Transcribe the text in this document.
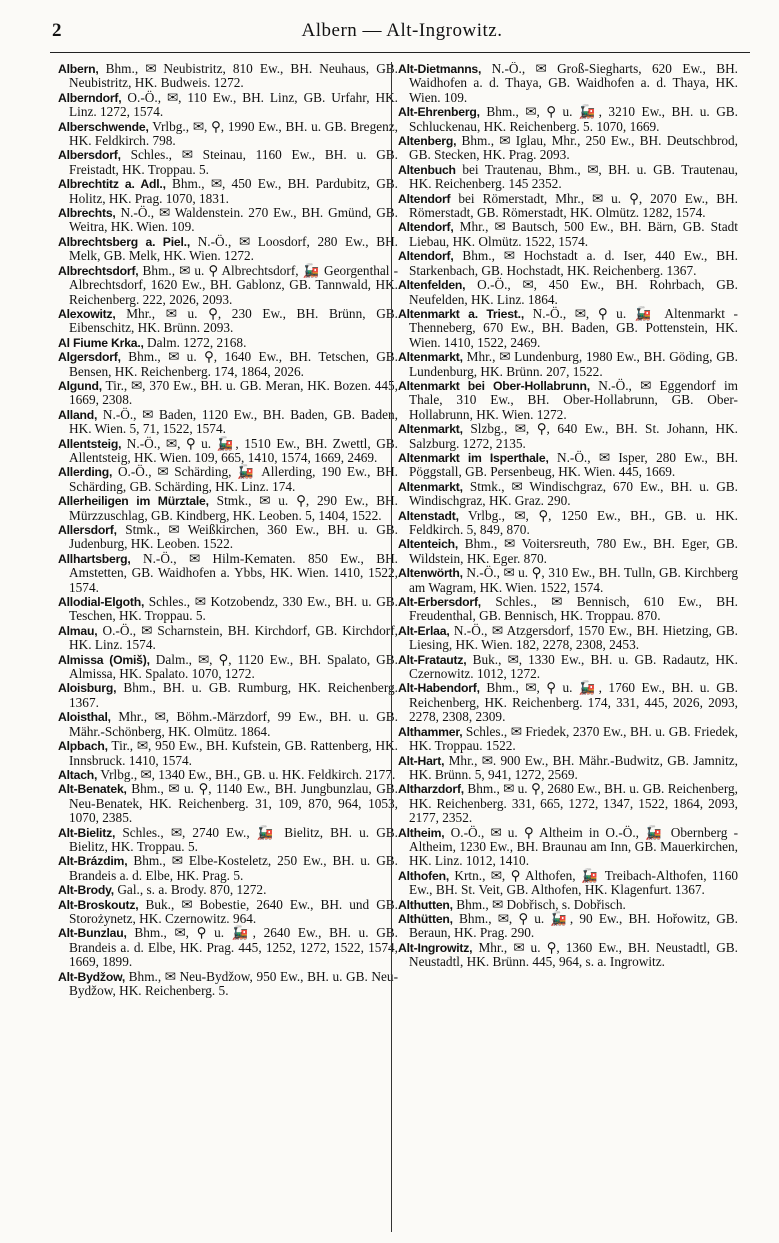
2	Albern — Alt-Ingrowitz.
Albern, Bhm., ✉ Neubistritz, 810 Ew., BH. Neuhaus, GB. Neubistritz, HK. Budweis. 1272.
Alberndorf, O.-Ö., ✉, 110 Ew., BH. Linz, GB. Urfahr, HK. Linz. 1272, 1574.
Alberschwende, Vrlbg., ✉, ⚲, 1990 Ew., BH. u. GB. Bregenz, HK. Feldkirch. 798.
Albersdorf, Schles., ✉ Steinau, 1160 Ew., BH. u. GB. Freistadt, HK. Troppau. 5.
Albrechtitz a. Adl., Bhm., ✉, 450 Ew., BH. Pardubitz, GB. Holitz, HK. Prag. 1070, 1831.
Albrechts, N.-Ö., ✉ Waldenstein. 270 Ew., BH. Gmünd, GB. Weitra, HK. Wien. 109.
Albrechtsberg a. Piel., N.-Ö., ✉ Loosdorf, 280 Ew., BH. Melk, GB. Melk, HK. Wien. 1272.
Albrechtsdorf, Bhm., ✉ u. ⚲ Albrechtsdorf, 🚂 Georgenthal - Albrechtsdorf, 1620 Ew., BH. Gablonz, GB. Tannwald, HK. Reichenberg. 222, 2026, 2093.
Alexowitz, Mhr., ✉ u. ⚲, 230 Ew., BH. Brünn, GB. Eibenschitz, HK. Brünn. 2093.
Al Fiume Krka., Dalm. 1272, 2168.
Algersdorf, Bhm., ✉ u. ⚲, 1640 Ew., BH. Tetschen, GB. Bensen, HK. Reichenberg. 174, 1864, 2026.
Algund, Tir., ✉, 370 Ew., BH. u. GB. Meran, HK. Bozen. 445, 1669, 2308.
Alland, N.-Ö., ✉ Baden, 1120 Ew., BH. Baden, GB. Baden, HK. Wien. 5, 71, 1522, 1574.
Allentsteig, N.-Ö., ✉, ⚲ u. 🚂, 1510 Ew., BH. Zwettl, GB. Allentsteig, HK. Wien. 109, 665, 1410, 1574, 1669, 2469.
Allerding, O.-Ö., ✉ Schärding, 🚂 Allerding, 190 Ew., BH. Schärding, GB. Schärding, HK. Linz. 174.
Allerheiligen im Mürztale, Stmk., ✉ u. ⚲, 290 Ew., BH. Mürzzuschlag, GB. Kindberg, HK. Leoben. 5, 1404, 1522.
Allersdorf, Stmk., ✉ Weißkirchen, 360 Ew., BH. u. GB. Judenburg, HK. Leoben. 1522.
Allhartsberg, N.-Ö., ✉ Hilm-Kematen. 850 Ew., BH. Amstetten, GB. Waidhofen a. Ybbs, HK. Wien. 1410, 1522, 1574.
Allodial-Elgoth, Schles., ✉ Kotzobendz, 330 Ew., BH. u. GB. Teschen, HK. Troppau. 5.
Almau, O.-Ö., ✉ Scharnstein, BH. Kirchdorf, GB. Kirchdorf, HK. Linz. 1574.
Almissa (Omiš), Dalm., ✉, ⚲, 1120 Ew., BH. Spalato, GB. Almissa, HK. Spalato. 1070, 1272.
Aloisburg, Bhm., BH. u. GB. Rumburg, HK. Reichenberg. 1367.
Aloisthal, Mhr., ✉, Böhm.-Märzdorf, 99 Ew., BH. u. GB. Mähr.-Schönberg, HK. Olmütz. 1864.
Alpbach, Tir., ✉, 950 Ew., BH. Kufstein, GB. Rattenberg, HK. Innsbruck. 1410, 1574.
Altach, Vrlbg., ✉, 1340 Ew., BH., GB. u. HK. Feldkirch. 2177.
Alt-Benatek, Bhm., ✉ u. ⚲, 1140 Ew., BH. Jungbunzlau, GB. Neu-Benatek, HK. Reichenberg. 31, 109, 870, 964, 1053, 1070, 2385.
Alt-Bielitz, Schles., ✉, 2740 Ew., 🚂 Bielitz, BH. u. GB. Bielitz, HK. Troppau. 5.
Alt-Brázdim, Bhm., ✉ Elbe-Kosteletz, 250 Ew., BH. u. GB. Brandeis a. d. Elbe, HK. Prag. 5.
Alt-Brody, Gal., s. a. Brody. 870, 1272.
Alt-Broskoutz, Buk., ✉ Bobestie, 2640 Ew., BH. und GB. Storożynetz, HK. Czernowitz. 964.
Alt-Bunzlau, Bhm., ✉, ⚲ u. 🚂, 2640 Ew., BH. u. GB. Brandeis a. d. Elbe, HK. Prag. 445, 1252, 1272, 1522, 1574, 1669, 1899.
Alt-Bydžow, Bhm., ✉ Neu-Bydžow, 950 Ew., BH. u. GB. Neu-Bydžow, HK. Reichenberg. 5.
Alt-Dietmanns, N.-Ö., ✉ Groß-Siegharts, 620 Ew., BH. Waidhofen a. d. Thaya, GB. Waidhofen a. d. Thaya, HK. Wien. 109.
Alt-Ehrenberg, Bhm., ✉, ⚲ u. 🚂, 3210 Ew., BH. u. GB. Schluckenau, HK. Reichenberg. 5. 1070, 1669.
Altenberg, Bhm., ✉ Iglau, Mhr., 250 Ew., BH. Deutschbrod, GB. Stecken, HK. Prag. 2093.
Altenbuch bei Trautenau, Bhm., ✉, BH. u. GB. Trautenau, HK. Reichenberg. 145 2352.
Altendorf bei Römerstadt, Mhr., ✉ u. ⚲, 2070 Ew., BH. Römerstadt, GB. Römerstadt, HK. Olmütz. 1282, 1574.
Altendorf, Mhr., ✉ Bautsch, 500 Ew., BH. Bärn, GB. Stadt Liebau, HK. Olmütz. 1522, 1574.
Altendorf, Bhm., ✉ Hochstadt a. d. Iser, 440 Ew., BH. Starkenbach, GB. Hochstadt, HK. Reichenberg. 1367.
Altenfelden, O.-Ö., ✉, 450 Ew., BH. Rohrbach, GB. Neufelden, HK. Linz. 1864.
Altenmarkt a. Triest., N.-Ö., ✉, ⚲ u. 🚂 Altenmarkt - Thenneberg, 670 Ew., BH. Baden, GB. Pottenstein, HK. Wien. 1410, 1522, 2469.
Altenmarkt, Mhr., ✉ Lundenburg, 1980 Ew., BH. Göding, GB. Lundenburg, HK. Brünn. 207, 1522.
Altenmarkt bei Ober-Hollabrunn, N.-Ö., ✉ Eggendorf im Thale, 310 Ew., BH. Ober-Hollabrunn, GB. Ober-Hollabrunn, HK. Wien. 1272.
Altenmarkt, Slzbg., ✉, ⚲, 640 Ew., BH. St. Johann, HK. Salzburg. 1272, 2135.
Altenmarkt im Isperthale, N.-Ö., ✉ Isper, 280 Ew., BH. Pöggstall, GB. Persenbeug, HK. Wien. 445, 1669.
Altenmarkt, Stmk., ✉ Windischgraz, 670 Ew., BH. u. GB. Windischgraz, HK. Graz. 290.
Altenstadt, Vrlbg., ✉, ⚲, 1250 Ew., BH., GB. u. HK. Feldkirch. 5, 849, 870.
Altenteich, Bhm., ✉ Voitersreuth, 780 Ew., BH. Eger, GB. Wildstein, HK. Eger. 870.
Altenwörth, N.-Ö., ✉ u. ⚲, 310 Ew., BH. Tulln, GB. Kirchberg am Wagram, HK. Wien. 1522, 1574.
Alt-Erbersdorf, Schles., ✉ Bennisch, 610 Ew., BH. Freudenthal, GB. Bennisch, HK. Troppau. 870.
Alt-Erlaa, N.-Ö., ✉ Atzgersdorf, 1570 Ew., BH. Hietzing, GB. Liesing, HK. Wien. 182, 2278, 2308, 2453.
Alt-Fratautz, Buk., ✉, 1330 Ew., BH. u. GB. Radautz, HK. Czernowitz. 1012, 1272.
Alt-Habendorf, Bhm., ✉, ⚲ u. 🚂, 1760 Ew., BH. u. GB. Reichenberg, HK. Reichenberg. 174, 331, 445, 2026, 2093, 2278, 2308, 2309.
Althammer, Schles., ✉ Friedek, 2370 Ew., BH. u. GB. Friedek, HK. Troppau. 1522.
Alt-Hart, Mhr., ✉. 900 Ew., BH. Mähr.-Budwitz, GB. Jamnitz, HK. Brünn. 5, 941, 1272, 2569.
Altharzdorf, Bhm., ✉ u. ⚲, 2680 Ew., BH. u. GB. Reichenberg, HK. Reichenberg. 331, 665, 1272, 1347, 1522, 1864, 2093, 2177, 2352.
Altheim, O.-Ö., ✉ u. ⚲ Altheim in O.-Ö., 🚂 Obernberg - Altheim, 1230 Ew., BH. Braunau am Inn, GB. Mauerkirchen, HK. Linz. 1012, 1410.
Althofen, Krtn., ✉, ⚲ Althofen, 🚂 Treibach-Althofen, 1160 Ew., BH. St. Veit, GB. Althofen, HK. Klagenfurt. 1367.
Althutten, Bhm., ✉ Dobřisch, s. Dobřisch.
Althütten, Bhm., ✉, ⚲ u. 🚂, 90 Ew., BH. Hořowitz, GB. Beraun, HK. Prag. 290.
Alt-Ingrowitz, Mhr., ✉ u. ⚲, 1360 Ew., BH. Neustadtl, GB. Neustadtl, HK. Brünn. 445, 964, s. a. Ingrowitz.
